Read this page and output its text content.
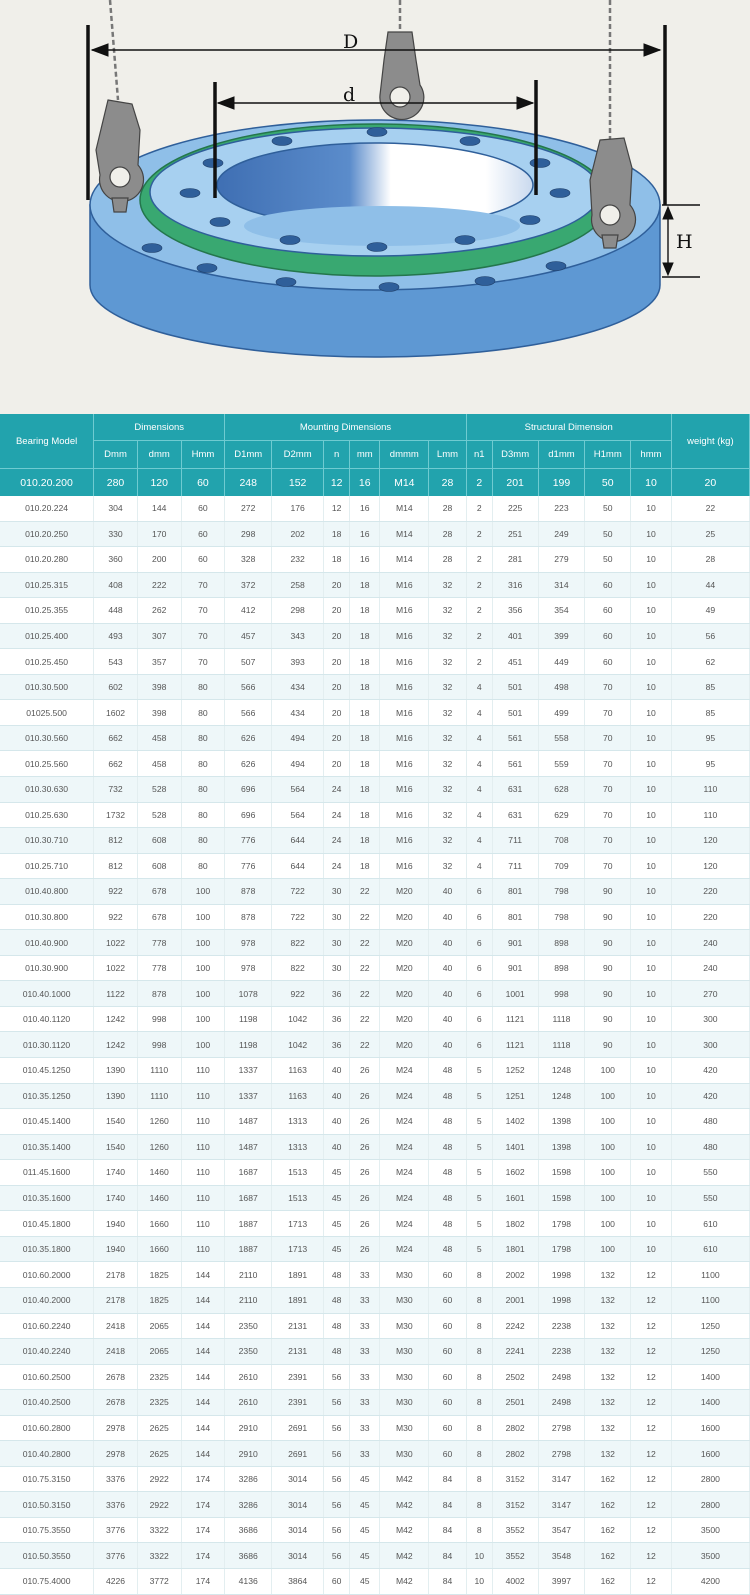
D
d
H
Bearing Model	Dimensions			Mounting Dimensions						Structural Dimension					weight (kg)
	Dmm	dmm	Hmm	D1mm	D2mm	n	mm	dmmm	Lmm	n1	D3mm	d1mm	H1mm	hmm	
010.20.200	280	120	60	248	152	12	16	M14	28	2	201	199	50	10	20
010.20.224	304	144	60	272	176	12	16	M14	28	2	225	223	50	10	22
010.20.250	330	170	60	298	202	18	16	M14	28	2	251	249	50	10	25
010.20.280	360	200	60	328	232	18	16	M14	28	2	281	279	50	10	28
010.25.315	408	222	70	372	258	20	18	M16	32	2	316	314	60	10	44
010.25.355	448	262	70	412	298	20	18	M16	32	2	356	354	60	10	49
010.25.400	493	307	70	457	343	20	18	M16	32	2	401	399	60	10	56
010.25.450	543	357	70	507	393	20	18	M16	32	2	451	449	60	10	62
010.30.500	602	398	80	566	434	20	18	M16	32	4	501	498	70	10	85
01025.500	1602	398	80	566	434	20	18	M16	32	4	501	499	70	10	85
010.30.560	662	458	80	626	494	20	18	M16	32	4	561	558	70	10	95
010.25.560	662	458	80	626	494	20	18	M16	32	4	561	559	70	10	95
010.30.630	732	528	80	696	564	24	18	M16	32	4	631	628	70	10	110
010.25.630	1732	528	80	696	564	24	18	M16	32	4	631	629	70	10	110
010.30.710	812	608	80	776	644	24	18	M16	32	4	711	708	70	10	120
010.25.710	812	608	80	776	644	24	18	M16	32	4	711	709	70	10	120
010.40.800	922	678	100	878	722	30	22	M20	40	6	801	798	90	10	220
010.30.800	922	678	100	878	722	30	22	M20	40	6	801	798	90	10	220
010.40.900	1022	778	100	978	822	30	22	M20	40	6	901	898	90	10	240
010.30.900	1022	778	100	978	822	30	22	M20	40	6	901	898	90	10	240
010.40.1000	1122	878	100	1078	922	36	22	M20	40	6	1001	998	90	10	270
010.40.1120	1242	998	100	1198	1042	36	22	M20	40	6	1121	1118	90	10	300
010.30.1120	1242	998	100	1198	1042	36	22	M20	40	6	1121	1118	90	10	300
010.45.1250	1390	1110	110	1337	1163	40	26	M24	48	5	1252	1248	100	10	420
010.35.1250	1390	1110	110	1337	1163	40	26	M24	48	5	1251	1248	100	10	420
010.45.1400	1540	1260	110	1487	1313	40	26	M24	48	5	1402	1398	100	10	480
010.35.1400	1540	1260	110	1487	1313	40	26	M24	48	5	1401	1398	100	10	480
011.45.1600	1740	1460	110	1687	1513	45	26	M24	48	5	1602	1598	100	10	550
010.35.1600	1740	1460	110	1687	1513	45	26	M24	48	5	1601	1598	100	10	550
010.45.1800	1940	1660	110	1887	1713	45	26	M24	48	5	1802	1798	100	10	610
010.35.1800	1940	1660	110	1887	1713	45	26	M24	48	5	1801	1798	100	10	610
010.60.2000	2178	1825	144	2110	1891	48	33	M30	60	8	2002	1998	132	12	1100
010.40.2000	2178	1825	144	2110	1891	48	33	M30	60	8	2001	1998	132	12	1100
010.60.2240	2418	2065	144	2350	2131	48	33	M30	60	8	2242	2238	132	12	1250
010.40.2240	2418	2065	144	2350	2131	48	33	M30	60	8	2241	2238	132	12	1250
010.60.2500	2678	2325	144	2610	2391	56	33	M30	60	8	2502	2498	132	12	1400
010.40.2500	2678	2325	144	2610	2391	56	33	M30	60	8	2501	2498	132	12	1400
010.60.2800	2978	2625	144	2910	2691	56	33	M30	60	8	2802	2798	132	12	1600
010.40.2800	2978	2625	144	2910	2691	56	33	M30	60	8	2802	2798	132	12	1600
010.75.3150	3376	2922	174	3286	3014	56	45	M42	84	8	3152	3147	162	12	2800
010.50.3150	3376	2922	174	3286	3014	56	45	M42	84	8	3152	3147	162	12	2800
010.75.3550	3776	3322	174	3686	3014	56	45	M42	84	8	3552	3547	162	12	3500
010.50.3550	3776	3322	174	3686	3014	56	45	M42	84	10	3552	3548	162	12	3500
010.75.4000	4226	3772	174	4136	3864	60	45	M42	84	10	4002	3997	162	12	4200
